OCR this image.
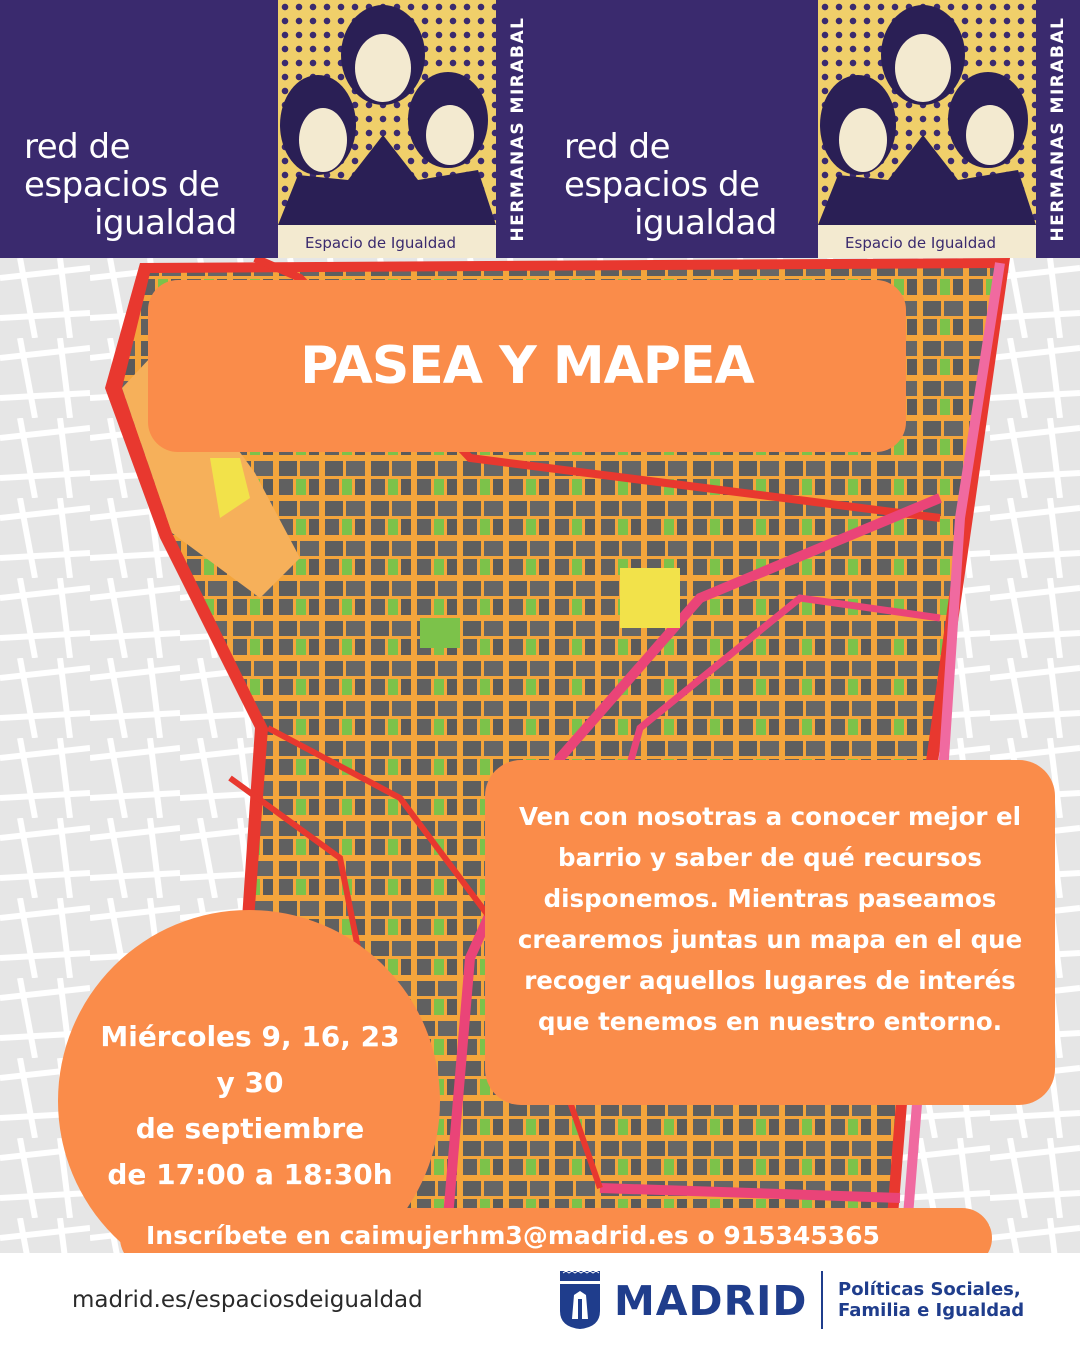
red de
espacios de
igualdad	Espacio de Igualdad
HERMANAS MIRABAL red de
espacios de
igualdad	Espacio de Igualdad
HERMANAS MIRABAL
PASEA Y MAPEA
Ven con nosotras a conocer mejor el barrio y saber de qué recursos disponemos. Mientras paseamos crearemos juntas un mapa en el que recoger aquellos lugares de interés que tenemos en nuestro entorno.
Miércoles 9, 16, 23
y 30
de septiembre
de 17:00 a 18:30h
Inscríbete en caimujerhm3@madrid.es o 915345365
madrid.es/espaciosdeigualdad	MADRID Políticas Sociales,
Familia e Igualdad
